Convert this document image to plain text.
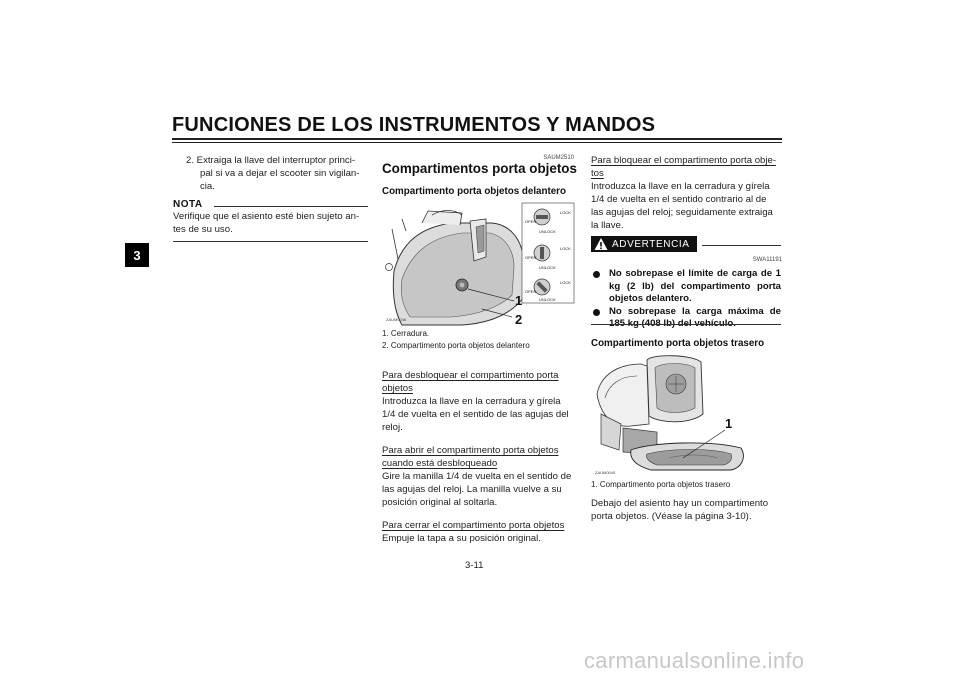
FUNCIONES DE LOS INSTRUMENTOS Y MANDOS
3
2. Extraiga la llave del interruptor princi-
pal si va a dejar el scooter sin vigilan-
cia.
NOTA
Verifique que el asiento esté bien sujeto an-
tes de su uso.
SAUM2510
Compartimentos porta objetos
Compartimento porta objetos delantero
OPEN
LOCK
UNLOCK
OPEN
LOCK
UNLOCK
OPEN
LOCK
UNLOCK
1
2
ZAUM0046
1. Cerradura.
2. Compartimento porta objetos delantero
Para desbloquear el compartimento porta
objetos
Introduzca la llave en la cerradura y gírela
1/4 de vuelta en el sentido de las agujas del
reloj.
Para abrir el compartimento porta objetos
cuando está desbloqueado
Gire la manilla 1/4 de vuelta en el sentido de
las agujas del reloj. La manilla vuelve a su
posición original al soltarla.
Para cerrar el compartimento porta objetos
Empuje la tapa a su posición original.
Para bloquear el compartimento porta obje-
tos
Introduzca la llave en la cerradura y gírela
1/4 de vuelta en el sentido contrario al de
las agujas del reloj; seguidamente extraiga
la llave.
ADVERTENCIA
SWA11191
No sobrepase el límite de carga de 1 kg (2 lb) del compartimento porta objetos delantero.
No sobrepase la carga máxima de
Compartimento porta objetos trasero
1
ZAUM0040
1. Compartimento porta objetos trasero
Debajo del asiento hay un compartimento
porta objetos. (Véase la página 3-10).
3-11
carmanualsonline.info
